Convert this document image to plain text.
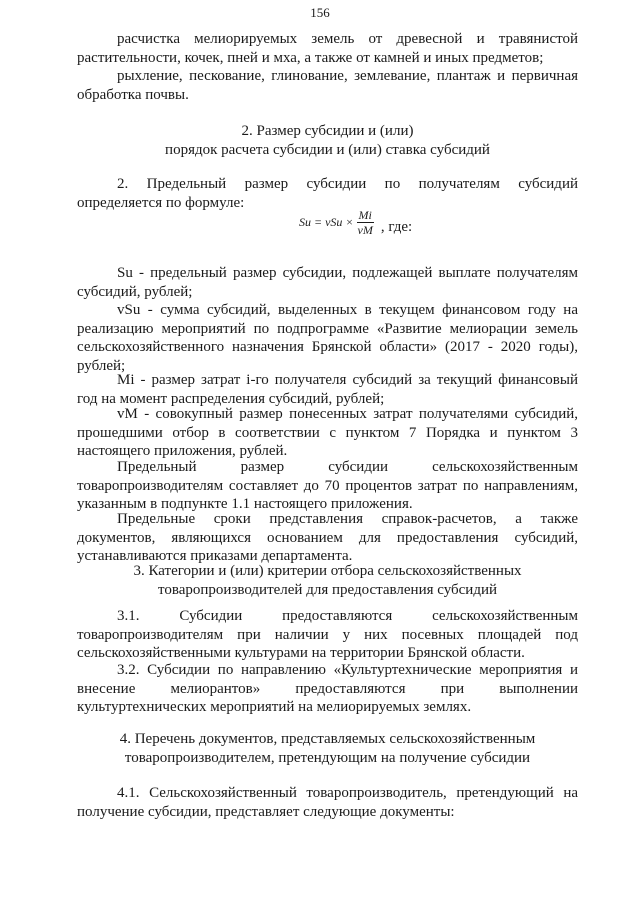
156

расчистка мелиорируемых земель от древесной и травянистой растительности, кочек, пней и мха, а также от камней и иных предметов;

рыхление, пескование, глинование, землевание, плантаж и первичная обработка почвы.

2. Размер субсидии и (или)
порядок расчета субсидии и (или) ставка субсидий

2. Предельный размер субсидии по получателям субсидий определяется по формуле:

Su = vSu × $\frac{Mi}{vM}$ , где:

Su - предельный размер субсидии, подлежащей выплате получателям субсидий, рублей;

vSu - сумма субсидий, выделенных в текущем финансовом году на реализацию мероприятий по подпрограмме «Развитие мелиорации земель сельскохозяйственного назначения Брянской области» (2017 - 2020 годы), рублей;

Mi - размер затрат i-го получателя субсидий за текущий финансовый год на момент распределения субсидий, рублей;

vM - совокупный размер понесенных затрат получателями субсидий, прошедшими отбор в соответствии с пунктом 7 Порядка и пунктом 3 настоящего приложения, рублей.

Предельный размер субсидии сельскохозяйственным товаропроизводителям составляет до 70 процентов затрат по направлениям, указанным в подпункте 1.1 настоящего приложения.

Предельные сроки представления справок-расчетов, а также документов, являющихся основанием для предоставления субсидий, устанавливаются приказами департамента.

3. Категории и (или) критерии отбора сельскохозяйственных
товаропроизводителей для предоставления субсидий

3.1. Субсидии предоставляются сельскохозяйственным товаропроизводителям при наличии у них посевных площадей под сельскохозяйственными культурами на территории Брянской области.

3.2. Субсидии по направлению «Культуртехнические мероприятия и внесение мелиорантов» предоставляются при выполнении культуртехнических мероприятий на мелиорируемых землях.

4. Перечень документов, представляемых сельскохозяйственным
товаропроизводителем, претендующим на получение субсидии

4.1. Сельскохозяйственный товаропроизводитель, претендующий на получение субсидии, представляет следующие документы:
